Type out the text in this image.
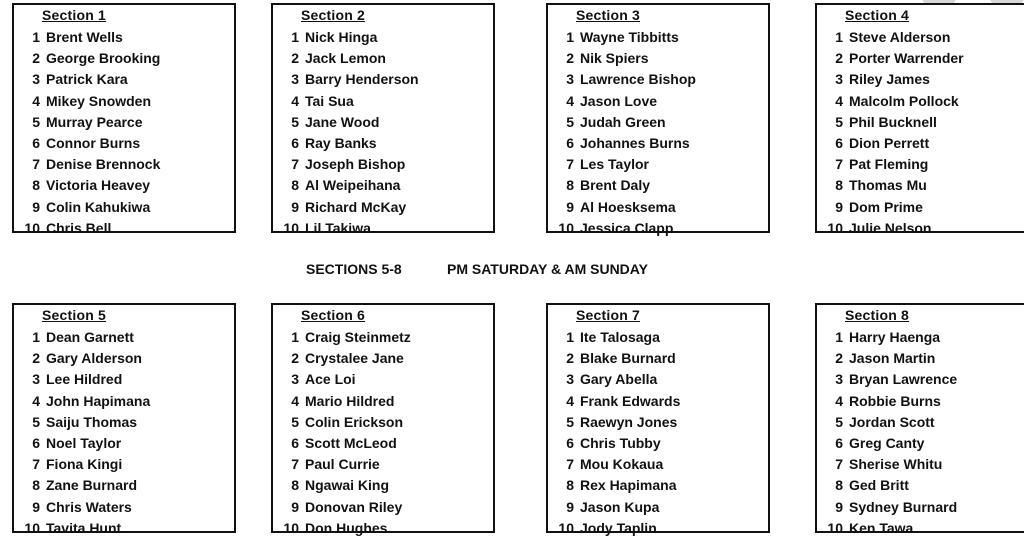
Section 1
1 Brent Wells
2 George Brooking
3 Patrick Kara
4 Mikey Snowden
5 Murray Pearce
6 Connor Burns
7 Denise Brennock
8 Victoria Heavey
9 Colin Kahukiwa
10 Chris Bell
Section 2
1 Nick Hinga
2 Jack Lemon
3 Barry Henderson
4 Tai Sua
5 Jane Wood
6 Ray Banks
7 Joseph Bishop
8 Al Weipeihana
9 Richard McKay
10 Lil Takiwa
Section 3
1 Wayne Tibbitts
2 Nik Spiers
3 Lawrence Bishop
4 Jason Love
5 Judah Green
6 Johannes Burns
7 Les Taylor
8 Brent Daly
9 Al Hoesksema
10 Jessica Clapp
Section 4
1 Steve Alderson
2 Porter Warrender
3 Riley James
4 Malcolm Pollock
5 Phil Bucknell
6 Dion Perrett
7 Pat Fleming
8 Thomas Mu
9 Dom Prime
10 Julie Nelson
SECTIONS 5-8	PM SATURDAY & AM SUNDAY
Section 5
1 Dean Garnett
2 Gary Alderson
3 Lee Hildred
4 John Hapimana
5 Saiju Thomas
6 Noel Taylor
7 Fiona Kingi
8 Zane Burnard
9 Chris Waters
10 Tavita Hunt
Section 6
1 Craig Steinmetz
2 Crystalee Jane
3 Ace Loi
4 Mario Hildred
5 Colin Erickson
6 Scott McLeod
7 Paul Currie
8 Ngawai King
9 Donovan Riley
10 Don Hughes
Section 7
1 Ite Talosaga
2 Blake Burnard
3 Gary Abella
4 Frank Edwards
5 Raewyn Jones
6 Chris Tubby
7 Mou Kokaua
8 Rex Hapimana
9 Jason Kupa
10 Jody Taplin
Section 8
1 Harry Haenga
2 Jason Martin
3 Bryan Lawrence
4 Robbie Burns
5 Jordan Scott
6 Greg Canty
7 Sherise Whitu
8 Ged Britt
9 Sydney Burnard
10 Ken Tawa
